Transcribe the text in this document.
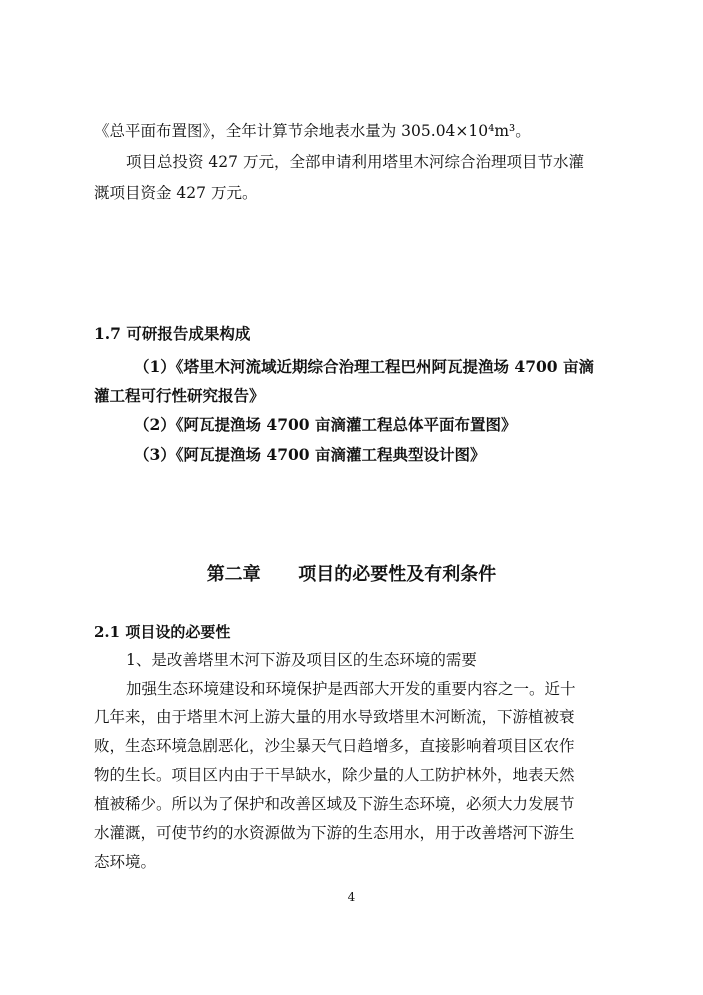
《总平面布置图》，全年计算节余地表水量为 305.04×10⁴m³。

项目总投资 427 万元，全部申请利用塔里木河综合治理项目节水灌

溉项目资金 427 万元。

1.7 可研报告成果构成

（1）《塔里木河流域近期综合治理工程巴州阿瓦提渔场 4700 亩滴

灌工程可行性研究报告》

（2）《阿瓦提渔场 4700 亩滴灌工程总体平面布置图》

（3）《阿瓦提渔场 4700 亩滴灌工程典型设计图》

第二章      项目的必要性及有利条件
2.1 项目设的必要性

1、是改善塔里木河下游及项目区的生态环境的需要

加强生态环境建设和环境保护是西部大开发的重要内容之一。近十

几年来，由于塔里木河上游大量的用水导致塔里木河断流，下游植被衰

败，生态环境急剧恶化，沙尘暴天气日趋增多，直接影响着项目区农作

物的生长。项目区内由于干旱缺水，除少量的人工防护林外，地表天然

植被稀少。所以为了保护和改善区域及下游生态环境，必须大力发展节

水灌溉，可使节约的水资源做为下游的生态用水，用于改善塔河下游生

态环境。

4
